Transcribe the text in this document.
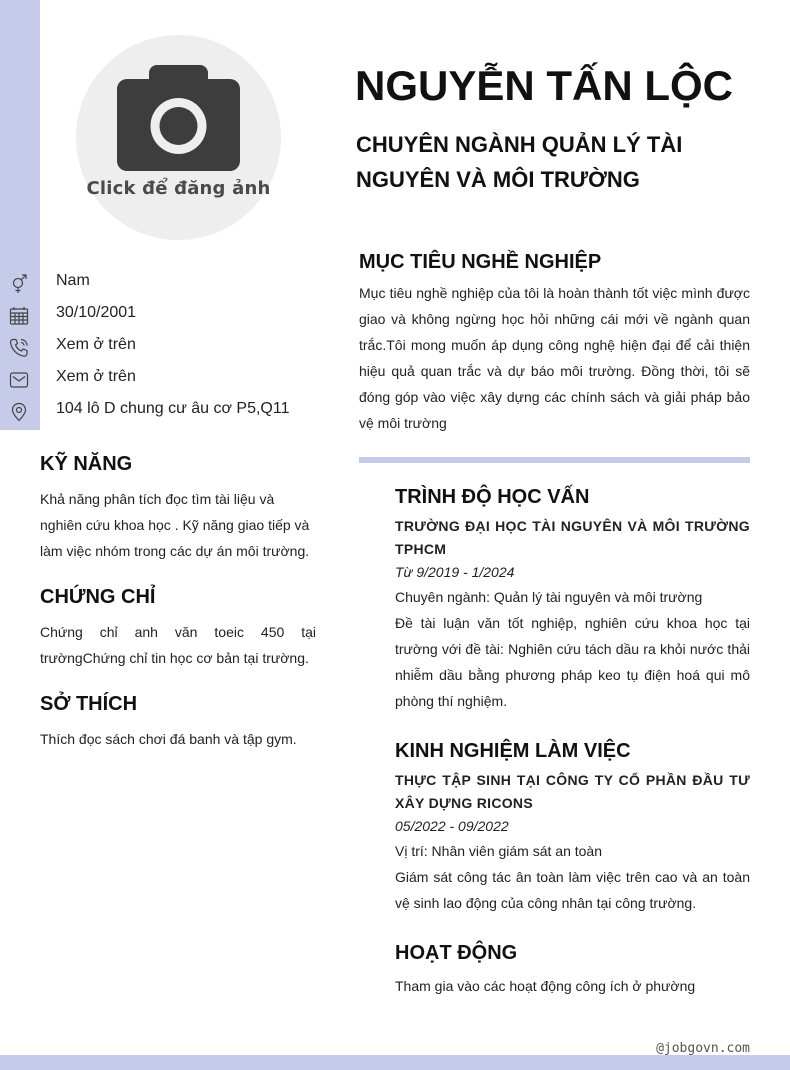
Click để đăng ảnh
NGUYỄN TẤN LỘC
CHUYÊN NGÀNH QUẢN LÝ TÀI NGUYÊN VÀ MÔI TRƯỜNG
Nam
30/10/2001
Xem ở trên
Xem ở trên
104 lô D chung cư âu cơ P5,Q11
KỸ NĂNG

Khả năng phân tích đọc tìm tài liệu và nghiên cứu khoa học . Kỹ năng giao tiếp và làm việc nhóm trong các dự án môi trường.

CHỨNG CHỈ

Chứng chỉ anh văn toeic 450 tại trườngChứng chỉ tin học cơ bản tại trường.

SỞ THÍCH

Thích đọc sách chơi đá banh và tập gym.

MỤC TIÊU NGHỀ NGHIỆP

Mục tiêu nghề nghiệp của tôi là hoàn thành tốt việc mình được giao và không ngừng học hỏi những cái mới về ngành quan trắc.Tôi mong muốn áp dụng công nghệ hiện đại để cải thiện hiệu quả quan trắc và dự báo môi trường. Đồng thời, tôi sẽ đóng góp vào việc xây dựng các chính sách và giải pháp bảo vệ môi trường

TRÌNH ĐỘ HỌC VẤN

TRƯỜNG ĐẠI HỌC TÀI NGUYÊN VÀ MÔI TRƯỜNG TPHCM

Từ 9/2019 - 1/2024

Chuyên ngành: Quản lý tài nguyên và môi trường

Đề tài luận văn tốt nghiệp, nghiên cứu khoa học tại trường với đề tài: Nghiên cứu tách dầu ra khỏi nước thải nhiễm dầu bằng phương pháp keo tụ điện hoá qui mô phòng thí nghiệm.

KINH NGHIỆM LÀM VIỆC

THỰC TẬP SINH TẠI CÔNG TY CỔ PHẦN ĐẦU TƯ XÂY DỰNG RICONS

05/2022 - 09/2022

Vị trí: Nhân viên giám sát an toàn

Giám sát công tác ân toàn làm việc trên cao và an toàn vệ sinh lao động của công nhân tại công trường.

HOẠT ĐỘNG

Tham gia vào các hoạt động công ích ở phường

@jobgovn.com
